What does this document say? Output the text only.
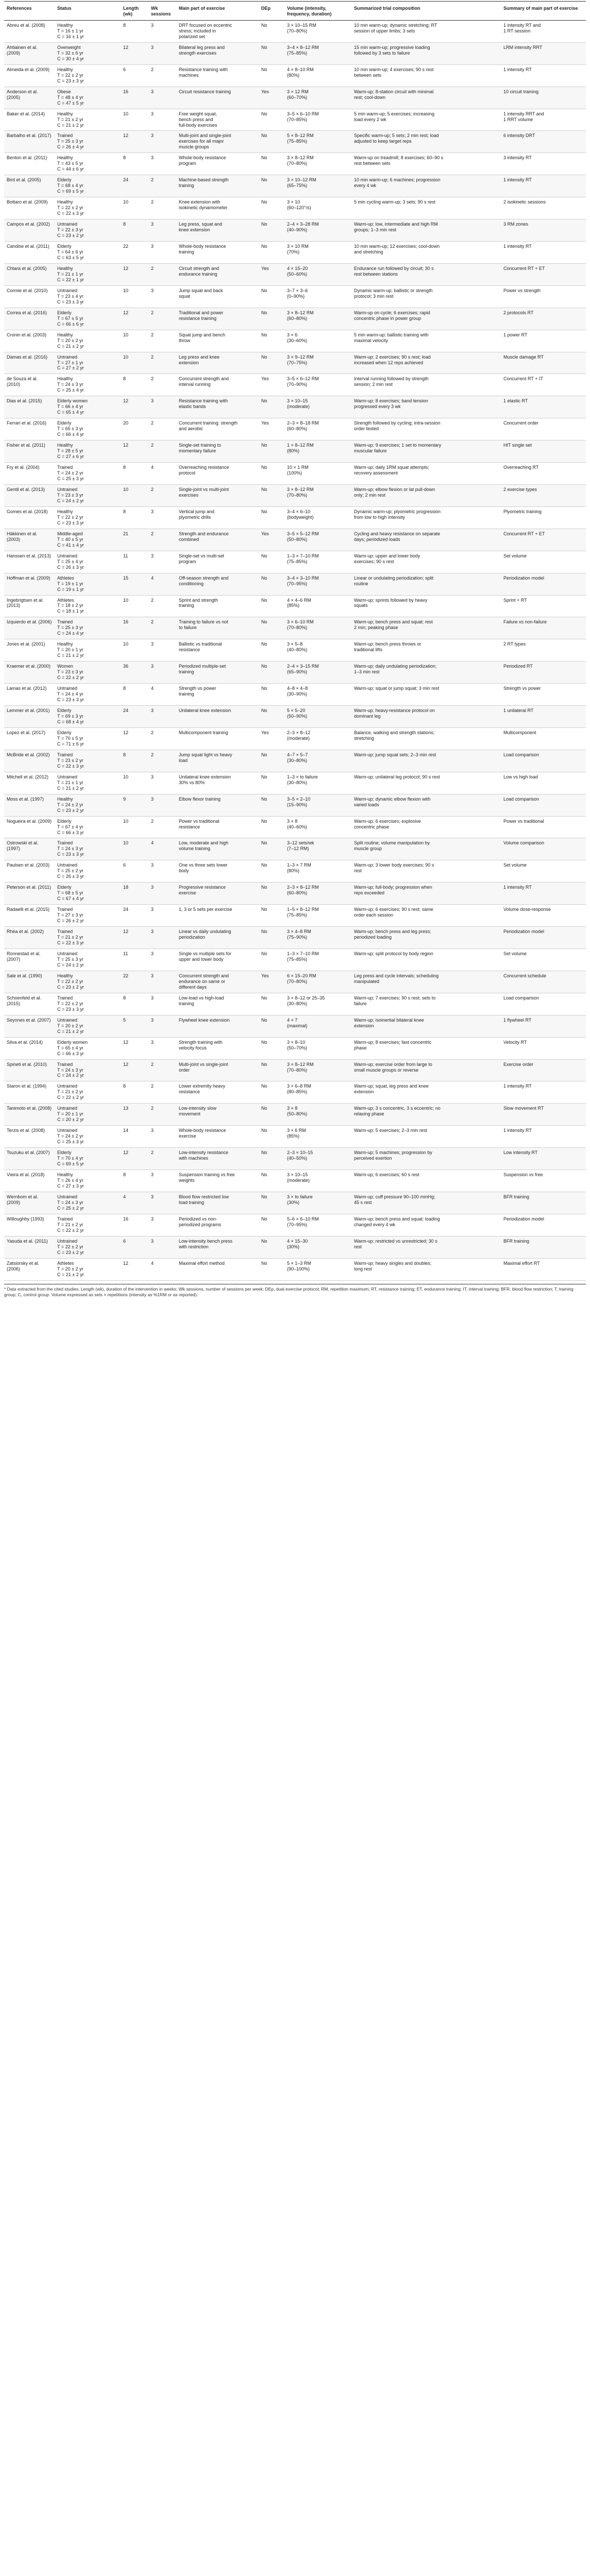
References	Status	Length (wk)	Wk sessions	Main part of exercise	DEp	Volume (intensity, frequency, duration)	Summarized trial composition	Summary of main part of exercise
Abreu et al. (2008)	Healthy
T = 16 ± 1 yr
C = 16 ± 1 yr	8	3	DRT focused on eccentric
stress; included in
polarized set	No	3 × 10–15 RM
(70–80%)	10 min warm-up; dynamic stretching; RT
session of upper limbs; 3 sets	1 intensity RT and
1 RT session
Ahtiainen et al. (2009)	Overweight
T = 32 ± 6 yr
C = 30 ± 4 yr	12	3	Bilateral leg press and
strength exercises	No	3–4 × 8–12 RM
(75–85%)	15 min warm-up; progressive loading
followed by 3 sets to failure	LRM intensity RRT
Almeida et al. (2009)	Healthy
T = 22 ± 2 yr
C = 23 ± 3 yr	6	2	Resistance training with
machines	No	4 × 8–10 RM
(80%)	10 min warm-up; 4 exercises; 90 s rest
between sets	1 intensity RT
Anderson et al. (2005)	Obese
T = 48 ± 4 yr
C = 47 ± 5 yr	16	3	Circuit resistance training	Yes	3 × 12 RM
(60–70%)	Warm-up; 8-station circuit with minimal
rest; cool-down	10 circuit training
Baker et al. (2014)	Healthy
T = 21 ± 2 yr
C = 21 ± 2 yr	10	3	Free weight squat,
bench press and
full-body exercises	No	3–5 × 6–10 RM
(70–85%)	5 min warm-up; 5 exercises; increasing
load every 2 wk	1 intensity RRT and
1 RRT volume
Barbalho et al. (2017)	Trained
T = 25 ± 3 yr
C = 26 ± 4 yr	12	3	Multi-joint and single-joint
exercises for all major
muscle groups	No	5 × 8–12 RM
(75–85%)	Specific warm-up; 5 sets; 2 min rest; load
adjusted to keep target reps	6 intensity DRT
Benton et al. (2011)	Healthy
T = 43 ± 5 yr
C = 44 ± 6 yr	8	3	Whole-body resistance
program	No	3 × 8–12 RM
(70–80%)	Warm-up on treadmill; 8 exercises; 60–90 s
rest between sets	3 intensity RT
Bird et al. (2005)	Elderly
T = 68 ± 4 yr
C = 69 ± 5 yr	24	2	Machine-based strength
training	No	3 × 10–12 RM
(65–75%)	10 min warm-up; 6 machines; progression
every 4 wk	1 intensity RT
Bottaro et al. (2009)	Healthy
T = 22 ± 2 yr
C = 22 ± 3 yr	10	2	Knee extension with
isokinetic dynamometer	No	3 × 10
(60–120°/s)	5 min cycling warm-up; 3 sets; 90 s rest	2 isokinetic sessions
Campos et al. (2002)	Untrained
T = 22 ± 3 yr
C = 23 ± 2 yr	8	3	Leg press, squat and
knee extension	No	2–4 × 3–28 RM
(40–90%)	Warm-up; low, intermediate and high RM
groups; 1–3 min rest	3 RM zones
Candow et al. (2011)	Elderly
T = 64 ± 6 yr
C = 63 ± 5 yr	22	3	Whole-body resistance
training	No	3 × 10 RM
(70%)	10 min warm-up; 12 exercises; cool-down
and stretching	1 intensity RT
Chtara et al. (2005)	Healthy
T = 21 ± 1 yr
C = 22 ± 1 yr	12	2	Circuit strength and
endurance training	Yes	4 × 15–20
(50–60%)	Endurance run followed by circuit; 30 s
rest between stations	Concurrent RT + ET
Cormie et al. (2010)	Untrained
T = 23 ± 4 yr
C = 23 ± 3 yr	10	3	Jump squat and back
squat	No	3–7 × 3–6
(0–90%)	Dynamic warm-up; ballistic or strength
protocol; 3 min rest	Power vs strength
Correa et al. (2016)	Elderly
T = 67 ± 5 yr
C = 66 ± 6 yr	12	2	Traditional and power
resistance training	No	3 × 8–12 RM
(60–80%)	Warm-up on cycle; 6 exercises; rapid
concentric phase in power group	2 protocols RT
Cronin et al. (2003)	Healthy
T = 20 ± 2 yr
C = 21 ± 2 yr	10	2	Squat jump and bench
throw	No	3 × 6
(30–60%)	5 min warm-up; ballistic training with
maximal velocity	1 power RT
Damas et al. (2016)	Untrained
T = 27 ± 1 yr
C = 27 ± 2 yr	10	2	Leg press and knee
extension	No	3 × 9–12 RM
(70–75%)	Warm-up; 2 exercises; 90 s rest; load
increased when 12 reps achieved	Muscle damage RT
de Souza et al. (2010)	Healthy
T = 24 ± 3 yr
C = 25 ± 4 yr	8	2	Concurrent strength and
interval running	Yes	3–5 × 6–12 RM
(70–90%)	Interval running followed by strength
session; 2 min rest	Concurrent RT + IT
Dias et al. (2015)	Elderly women
T = 66 ± 4 yr
C = 65 ± 4 yr	12	3	Resistance training with
elastic bands	No	3 × 10–15
(moderate)	Warm-up; 8 exercises; band tension
progressed every 3 wk	1 elastic RT
Ferrari et al. (2016)	Elderly
T = 65 ± 3 yr
C = 66 ± 4 yr	20	2	Concurrent training: strength
and aerobic	Yes	2–3 × 8–18 RM
(60–80%)	Strength followed by cycling; intra-session
order tested	Concurrent order
Fisher et al. (2011)	Healthy
T = 28 ± 5 yr
C = 27 ± 6 yr	12	2	Single-set training to
momentary failure	No	1 × 8–12 RM
(80%)	Warm-up; 9 exercises; 1 set to momentary
muscular failure	HIT single set
Fry et al. (2004)	Trained
T = 24 ± 2 yr
C = 25 ± 3 yr	8	4	Overreaching resistance
protocol	No	10 × 1 RM
(100%)	Warm-up; daily 1RM squat attempts;
recovery assessment	Overreaching RT
Gentil et al. (2013)	Untrained
T = 23 ± 3 yr
C = 24 ± 2 yr	10	2	Single-joint vs multi-joint
exercises	No	3 × 8–12 RM
(70–80%)	Warm-up; elbow flexion or lat pull-down
only; 2 min rest	2 exercise types
Gomes et al. (2018)	Healthy
T = 22 ± 2 yr
C = 23 ± 3 yr	8	3	Vertical jump and
plyometric drills	No	3–4 × 6–10
(bodyweight)	Dynamic warm-up; plyometric progression
from low to high intensity	Plyometric training
Häkkinen et al. (2003)	Middle-aged
T = 40 ± 5 yr
C = 41 ± 4 yr	21	2	Strength and endurance
combined	Yes	3–5 × 5–12 RM
(50–80%)	Cycling and heavy resistance on separate
days; periodized loads	Concurrent RT + ET
Hanssen et al. (2013)	Untrained
T = 25 ± 4 yr
C = 26 ± 3 yr	11	3	Single-set vs multi-set
program	No	1–3 × 7–10 RM
(75–85%)	Warm-up; upper and lower body
exercises; 90 s rest	Set volume
Hoffman et al. (2009)	Athletes
T = 19 ± 1 yr
C = 19 ± 1 yr	15	4	Off-season strength and
conditioning	No	3–4 × 3–10 RM
(70–95%)	Linear or undulating periodization; split
routine	Periodization model
Ingebrigtsen et al. (2013)	Athletes
T = 18 ± 2 yr
C = 18 ± 1 yr	10	2	Sprint and strength
training	No	4 × 4–6 RM
(85%)	Warm-up; sprints followed by heavy
squats	Sprint + RT
Izquierdo et al. (2006)	Trained
T = 25 ± 3 yr
C = 24 ± 4 yr	16	2	Training to failure vs not
to failure	No	3 × 6–10 RM
(70–80%)	Warm-up; bench press and squat; rest
2 min; peaking phase	Failure vs non-failure
Jones et al. (2001)	Healthy
T = 20 ± 1 yr
C = 21 ± 2 yr	10	3	Ballistic vs traditional
resistance	No	3 × 5–8
(40–80%)	Warm-up; bench press throws or
traditional lifts	2 RT types
Kraemer et al. (2000)	Women
T = 23 ± 3 yr
C = 22 ± 2 yr	36	3	Periodized multiple-set
training	No	2–4 × 3–15 RM
(65–90%)	Warm-up; daily undulating periodization;
1–3 min rest	Periodized RT
Lamas et al. (2012)	Untrained
T = 24 ± 4 yr
C = 23 ± 3 yr	8	4	Strength vs power
training	No	4–8 × 4–8
(30–90%)	Warm-up; squat or jump squat; 3 min rest	Strength vs power
Lemmer et al. (2001)	Elderly
T = 69 ± 3 yr
C = 68 ± 4 yr	24	3	Unilateral knee extension	No	5 × 5–20
(50–90%)	Warm-up; heavy-resistance protocol on
dominant leg	1 unilateral RT
Lopez et al. (2017)	Elderly
T = 70 ± 5 yr
C = 71 ± 6 yr	12	2	Multicomponent training	Yes	2–3 × 8–12
(moderate)	Balance, walking and strength stations;
stretching	Multicomponent
McBride et al. (2002)	Trained
T = 23 ± 2 yr
C = 22 ± 3 yr	8	2	Jump squat light vs heavy
load	No	4–7 × 5–7
(30–80%)	Warm-up; jump squat sets; 2–3 min rest	Load comparison
Mitchell et al. (2012)	Untrained
T = 21 ± 1 yr
C = 21 ± 2 yr	10	3	Unilateral knee extension
30% vs 80%	No	1–3 × to failure
(30–80%)	Warm-up; unilateral leg protocol; 90 s rest	Low vs high load
Moss et al. (1997)	Healthy
T = 24 ± 2 yr
C = 23 ± 2 yr	9	3	Elbow flexor training	No	3–5 × 2–10
(15–90%)	Warm-up; dynamic elbow flexion with
varied loads	Load comparison
Nogueira et al. (2009)	Elderly
T = 67 ± 4 yr
C = 66 ± 3 yr	10	2	Power vs traditional
resistance	No	3 × 8
(40–60%)	Warm-up; 6 exercises; explosive
concentric phase	Power vs traditional
Ostrowski et al. (1997)	Trained
T = 24 ± 3 yr
C = 23 ± 3 yr	10	4	Low, moderate and high
volume training	No	3–12 sets/wk
(7–12 RM)	Split routine; volume manipulation by
muscle group	Volume comparison
Paulsen et al. (2003)	Untrained
T = 25 ± 2 yr
C = 26 ± 3 yr	6	3	One vs three sets lower
body	No	1–3 × 7 RM
(80%)	Warm-up; 3 lower body exercises; 90 s
rest	Set volume
Peterson et al. (2011)	Elderly
T = 68 ± 5 yr
C = 67 ± 4 yr	18	3	Progressive resistance
exercise	No	2–3 × 8–12 RM
(60–80%)	Warm-up; full-body; progression when
reps exceeded	1 intensity RT
Radaelli et al. (2015)	Trained
T = 27 ± 3 yr
C = 26 ± 2 yr	24	3	1, 3 or 5 sets per exercise	No	1–5 × 8–12 RM
(75–85%)	Warm-up; 6 exercises; 90 s rest; same
order each session	Volume dose-response
Rhea et al. (2002)	Trained
T = 21 ± 2 yr
C = 22 ± 3 yr	12	3	Linear vs daily undulating
periodization	No	3 × 4–8 RM
(75–90%)	Warm-up; bench press and leg press;
periodized loading	Periodization model
Ronnestad et al. (2007)	Untrained
T = 25 ± 3 yr
C = 24 ± 2 yr	11	3	Single vs multiple sets for
upper and lower body	No	1–3 × 7–10 RM
(75–85%)	Warm-up; split protocol by body region	Set volume
Sale et al. (1990)	Healthy
T = 22 ± 2 yr
C = 23 ± 2 yr	22	3	Concurrent strength and
endurance on same or
different days	Yes	6 × 15–20 RM
(70–80%)	Leg press and cycle intervals; scheduling
manipulated	Concurrent schedule
Schoenfeld et al. (2015)	Trained
T = 22 ± 2 yr
C = 23 ± 3 yr	8	3	Low-load vs high-load
training	No	3 × 8–12 or 25–35
(30–80%)	Warm-up; 7 exercises; 90 s rest; sets to
failure	Load comparison
Seynnes et al. (2007)	Untrained
T = 20 ± 2 yr
C = 21 ± 2 yr	5	3	Flywheel knee extension	No	4 × 7
(maximal)	Warm-up; isoinertial bilateral knee
extension	1 flywheel RT
Silva et al. (2014)	Elderly women
T = 65 ± 4 yr
C = 66 ± 3 yr	12	3	Strength training with
velocity focus	No	3 × 8–10
(50–70%)	Warm-up; 8 exercises; fast concentric
phase	Velocity RT
Spineti et al. (2010)	Trained
T = 24 ± 3 yr
C = 24 ± 2 yr	12	2	Multi-joint vs single-joint
order	No	3 × 8–12 RM
(70–80%)	Warm-up; exercise order from large to
small muscle groups or reverse	Exercise order
Staron et al. (1994)	Untrained
T = 21 ± 2 yr
C = 22 ± 2 yr	8	2	Lower extremity heavy
resistance	No	3 × 6–8 RM
(80–85%)	Warm-up; squat, leg press and knee
extension	1 intensity RT
Tanimoto et al. (2008)	Untrained
T = 20 ± 1 yr
C = 20 ± 2 yr	13	2	Low-intensity slow
movement	No	3 × 8
(50–80%)	Warm-up; 3 s concentric, 3 s eccentric; no
relaxing phase	Slow movement RT
Terzis et al. (2008)	Untrained
T = 24 ± 2 yr
C = 25 ± 3 yr	14	3	Whole-body resistance
exercise	No	3 × 6 RM
(85%)	Warm-up; 5 exercises; 2–3 min rest	1 intensity RT
Tsuzuku et al. (2007)	Elderly
T = 70 ± 4 yr
C = 69 ± 5 yr	12	2	Low-intensity resistance
with machines	No	2–3 × 10–15
(40–50%)	Warm-up; 5 machines; progression by
perceived exertion	Low intensity RT
Vieira et al. (2018)	Healthy
T = 26 ± 4 yr
C = 27 ± 3 yr	8	3	Suspension training vs free
weights	No	3 × 10–15
(moderate)	Warm-up; 6 exercises; 60 s rest	Suspension vs free
Wernbom et al. (2009)	Untrained
T = 24 ± 3 yr
C = 25 ± 2 yr	4	3	Blood flow restricted low
load training	No	3 × to failure
(30%)	Warm-up; cuff pressure 90–100 mmHg;
45 s rest	BFR training
Willoughby (1993)	Trained
T = 21 ± 2 yr
C = 22 ± 2 yr	16	3	Periodized vs non-
periodized programs	No	5–6 × 6–10 RM
(70–95%)	Warm-up; bench press and squat; loading
changed every 4 wk	Periodization model
Yasuda et al. (2011)	Untrained
T = 22 ± 2 yr
C = 23 ± 2 yr	6	3	Low-intensity bench press
with restriction	No	4 × 15–30
(30%)	Warm-up; restricted vs unrestricted; 30 s
rest	BFR training
Zatsiorsky et al. (2006)	Athletes
T = 20 ± 2 yr
C = 21 ± 2 yr	12	4	Maximal effort method	No	5 × 1–3 RM
(90–100%)	Warm-up; heavy singles and doubles;
long rest	Maximal effort RT
* Data extracted from the cited studies. Length (wk), duration of the intervention in weeks; Wk sessions, number of sessions per week; DEp, dual exercise protocol; RM, repetition maximum; RT, resistance training; ET, endurance training; IT, interval training; BFR, blood flow restriction; T, training group; C, control group. Volume expressed as sets × repetitions (intensity as %1RM or as reported).
